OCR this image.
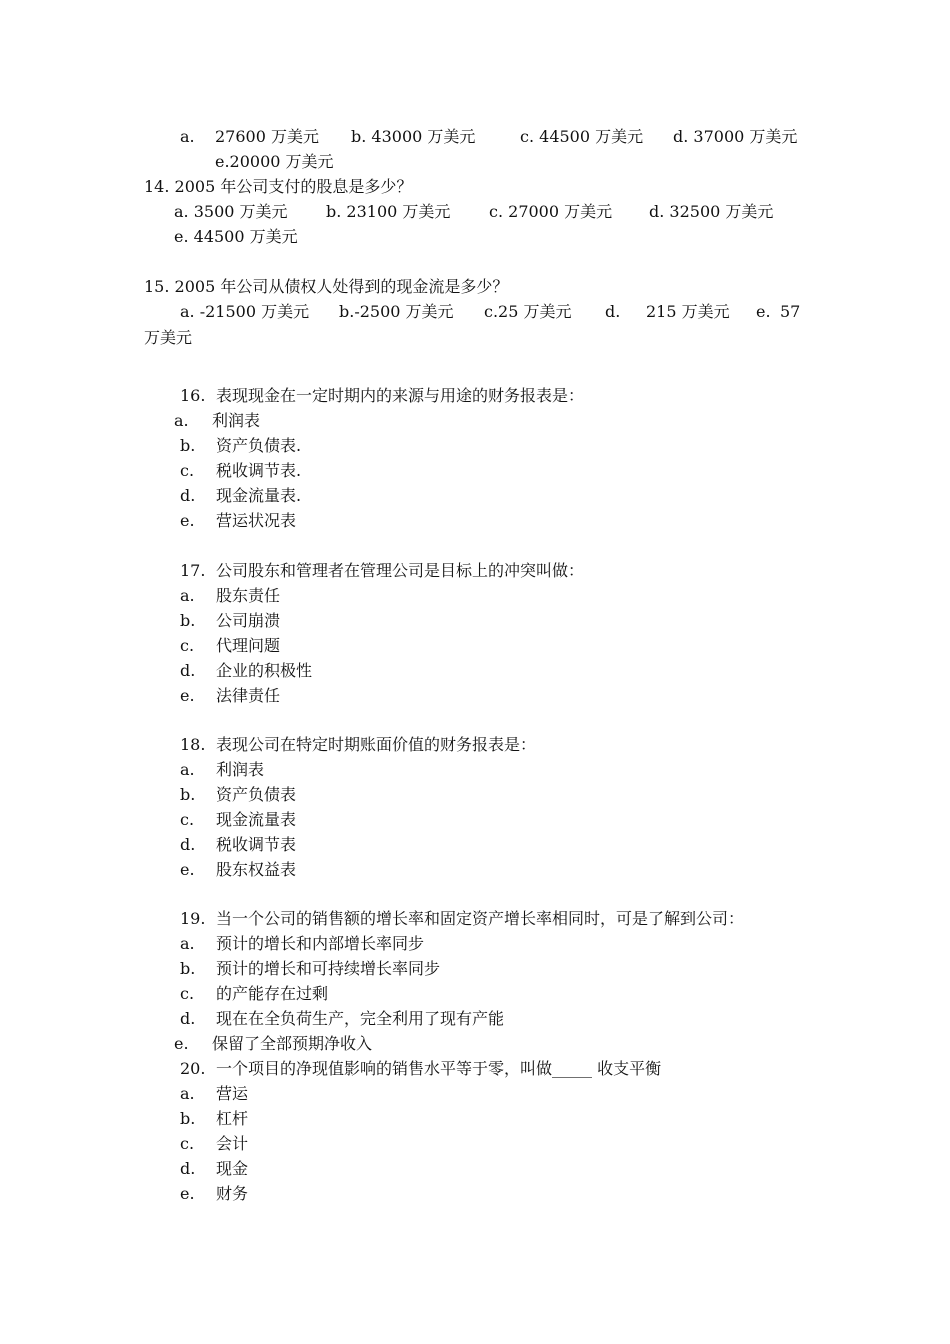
a. 27600 万美元 b. 43000 万美元	c. 44500 万美元 d. 37000 万美元
e.20000 万美元
14. 2005 年公司支付的股息是多少？
a. 3500 万美元 b. 23100 万美元 c. 27000 万美元 d. 32500 万美元
e. 44500 万美元
15. 2005 年公司从债权人处得到的现金流是多少？
a. -21500 万美元 b.-2500 万美元 c.25 万美元 d. 215 万美元 e. 57
万美元
16. 表现现金在一定时期内的来源与用途的财务报表是：
a. 利润表
b. 资产负债表.
c. 税收调节表.
d. 现金流量表.
e. 营运状况表
17. 公司股东和管理者在管理公司是目标上的冲突叫做：
a. 股东责任
b. 公司崩溃
c. 代理问题
d. 企业的积极性
e. 法律责任
18. 表现公司在特定时期账面价值的财务报表是：
a. 利润表
b. 资产负债表
c. 现金流量表
d. 税收调节表
e. 股东权益表
19. 当一个公司的销售额的增长率和固定资产增长率相同时，可是了解到公司：
a. 预计的增长和内部增长率同步
b. 预计的增长和可持续增长率同步
c. 的产能存在过剩
d. 现在在全负荷生产，完全利用了现有产能
e. 保留了全部预期净收入
20. 一个项目的净现值影响的销售水平等于零，叫做_____ 收支平衡
a. 营运
b. 杠杆
c. 会计
d. 现金
e. 财务
